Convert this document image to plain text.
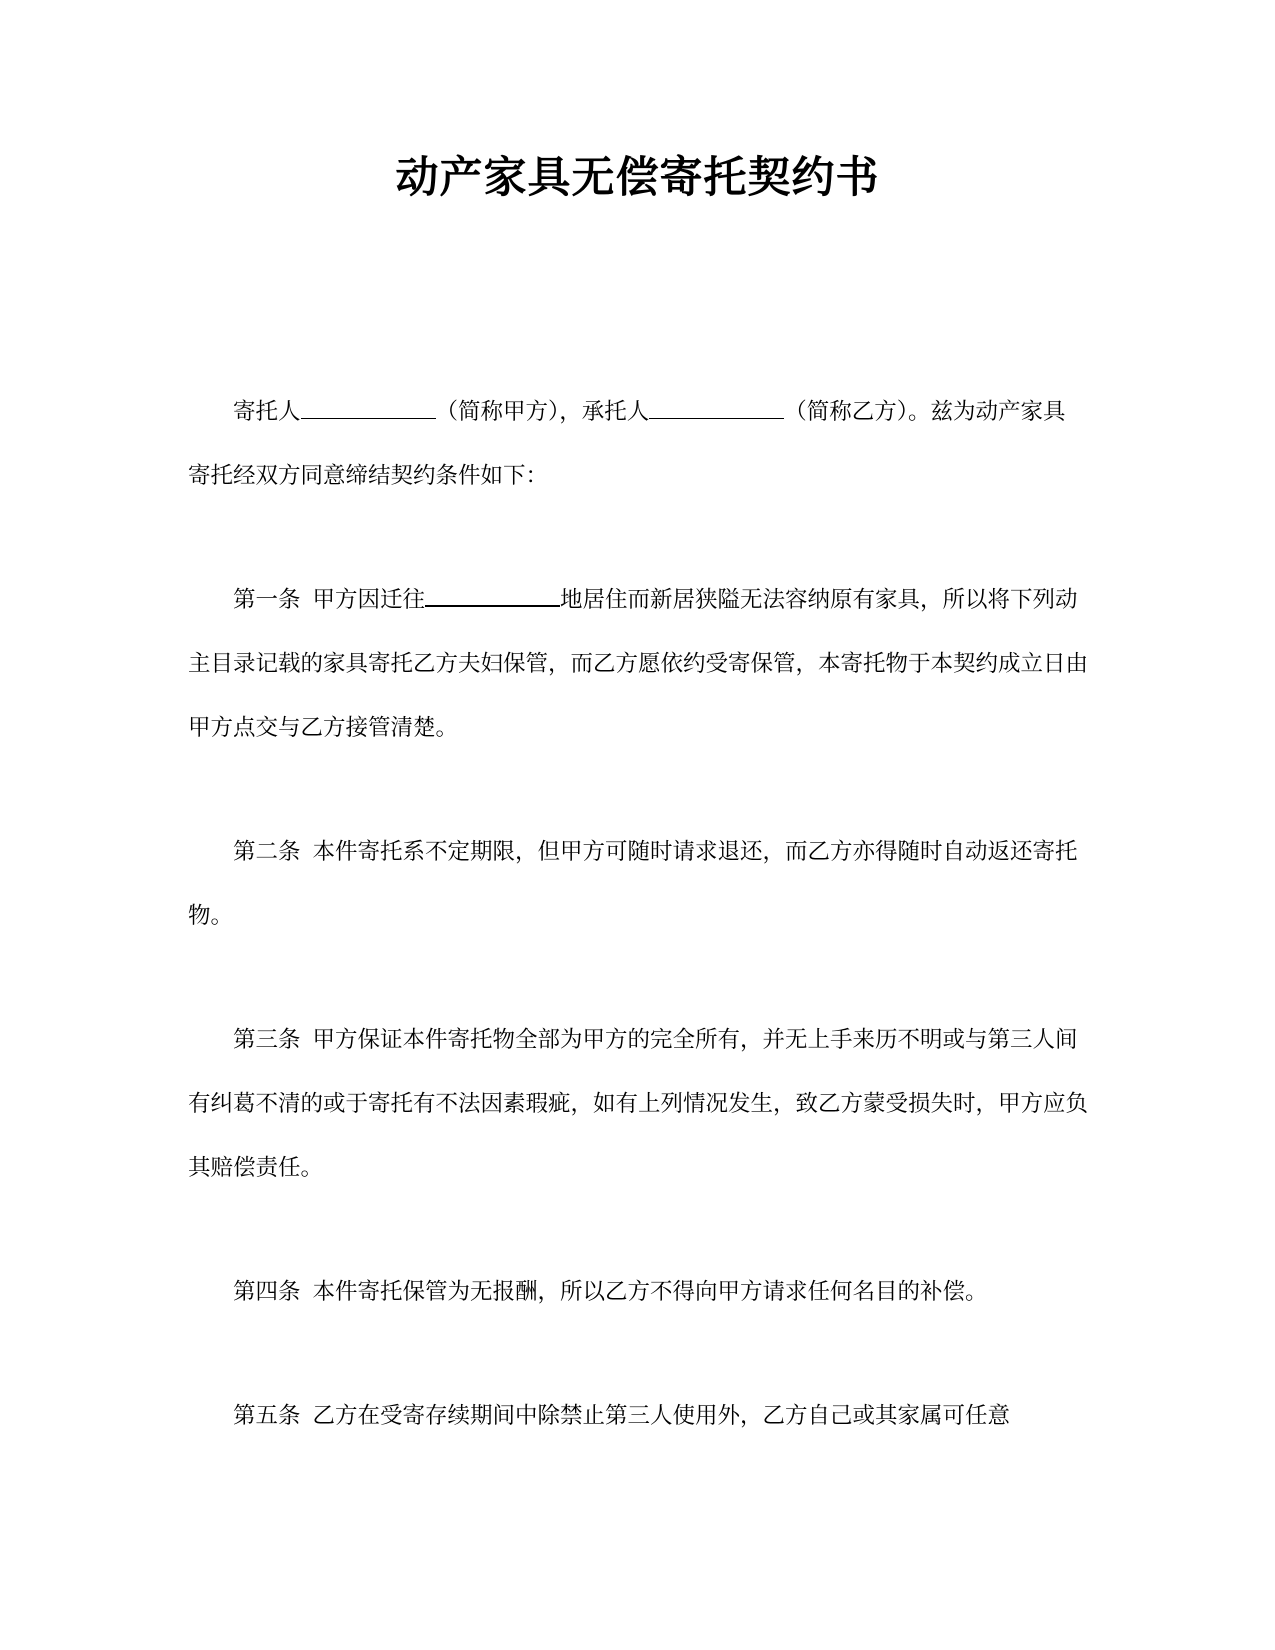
动产家具无偿寄托契约书

寄托人	（简称甲方），承托人	（简称乙方）。兹为动产家具寄托经双方同意缔结契约条件如下：

第一条 甲方因迁往	地居住而新居狭隘无法容纳原有家具，所以将下列动主目录记载的家具寄托乙方夫妇保管，而乙方愿依约受寄保管，本寄托物于本契约成立日由甲方点交与乙方接管清楚。

第二条 本件寄托系不定期限，但甲方可随时请求退还，而乙方亦得随时自动返还寄托物。

第三条 甲方保证本件寄托物全部为甲方的完全所有，并无上手来历不明或与第三人间有纠葛不清的或于寄托有不法因素瑕疵，如有上列情况发生，致乙方蒙受损失时，甲方应负其赔偿责任。

第四条 本件寄托保管为无报酬，所以乙方不得向甲方请求任何名目的补偿。

第五条 乙方在受寄存续期间中除禁止第三人使用外，乙方自己或其家属可任意
